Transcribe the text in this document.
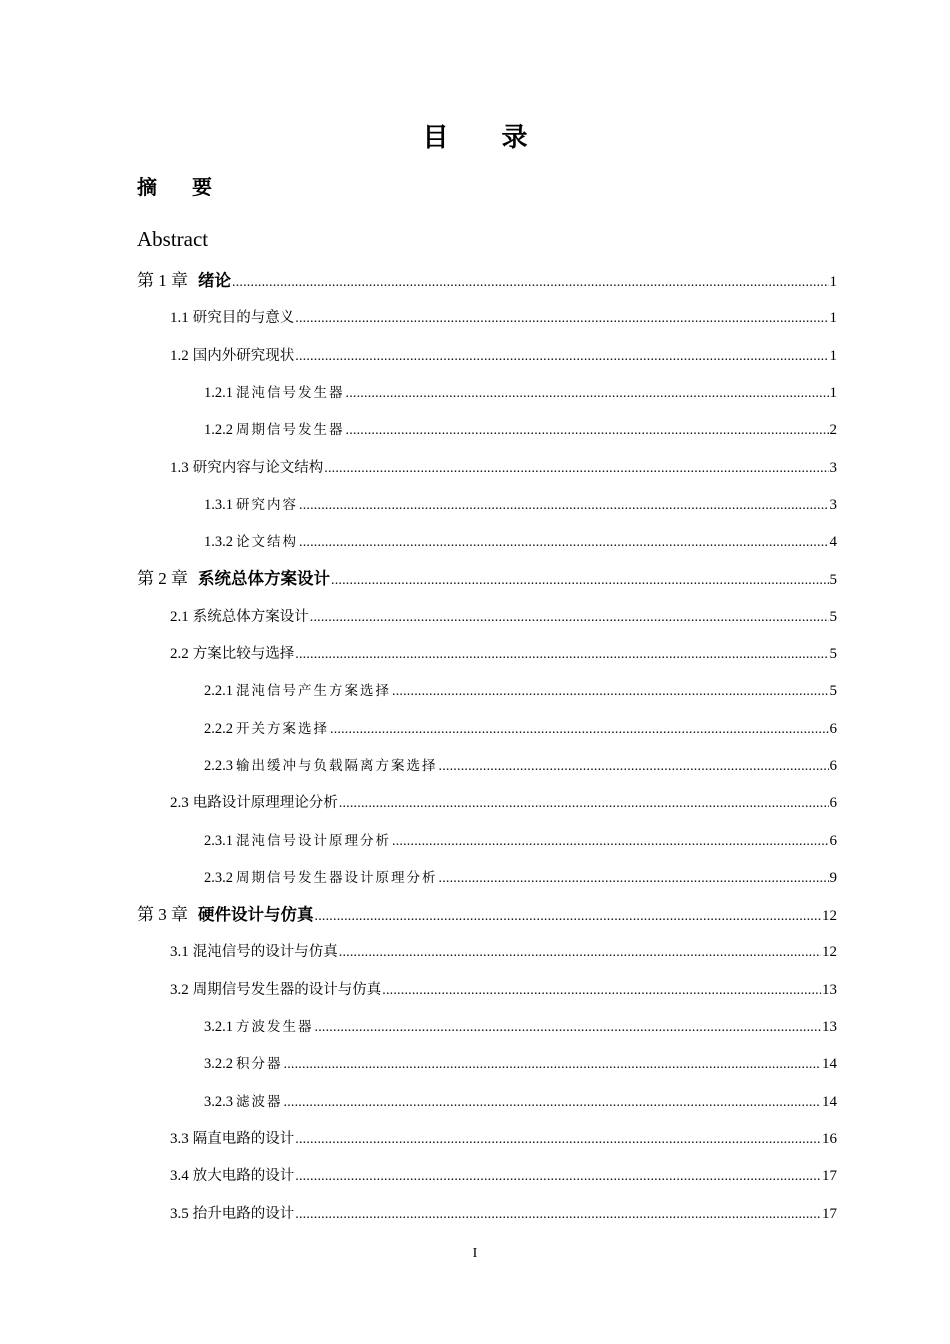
目 录
摘 要
Abstract
第 1 章 绪论 .....	1
1.1 研究目的与意义 .....	1
1.2 国内外研究现状 .....	1
1.2.1 混沌信号发生器 .....	1
1.2.2 周期信号发生器 .....	2
1.3 研究内容与论文结构 .....	3
1.3.1 研究内容 .....	3
1.3.2 论文结构 .....	4
第 2 章 系统总体方案设计 .....	5
2.1 系统总体方案设计 .....	5
2.2 方案比较与选择 .....	5
2.2.1 混沌信号产生方案选择 .....	5
2.2.2 开关方案选择 .....	6
2.2.3 输出缓冲与负载隔离方案选择 .....	6
2.3 电路设计原理理论分析 .....	6
2.3.1 混沌信号设计原理分析 .....	6
2.3.2 周期信号发生器设计原理分析 .....	9
第 3 章 硬件设计与仿真 .....	12
3.1 混沌信号的设计与仿真 .....	12
3.2 周期信号发生器的设计与仿真 .....	13
3.2.1 方波发生器 .....	13
3.2.2 积分器 .....	14
3.2.3 滤波器 .....	14
3.3 隔直电路的设计 .....	16
3.4 放大电路的设计 .....	17
3.5 抬升电路的设计 .....	17
I
